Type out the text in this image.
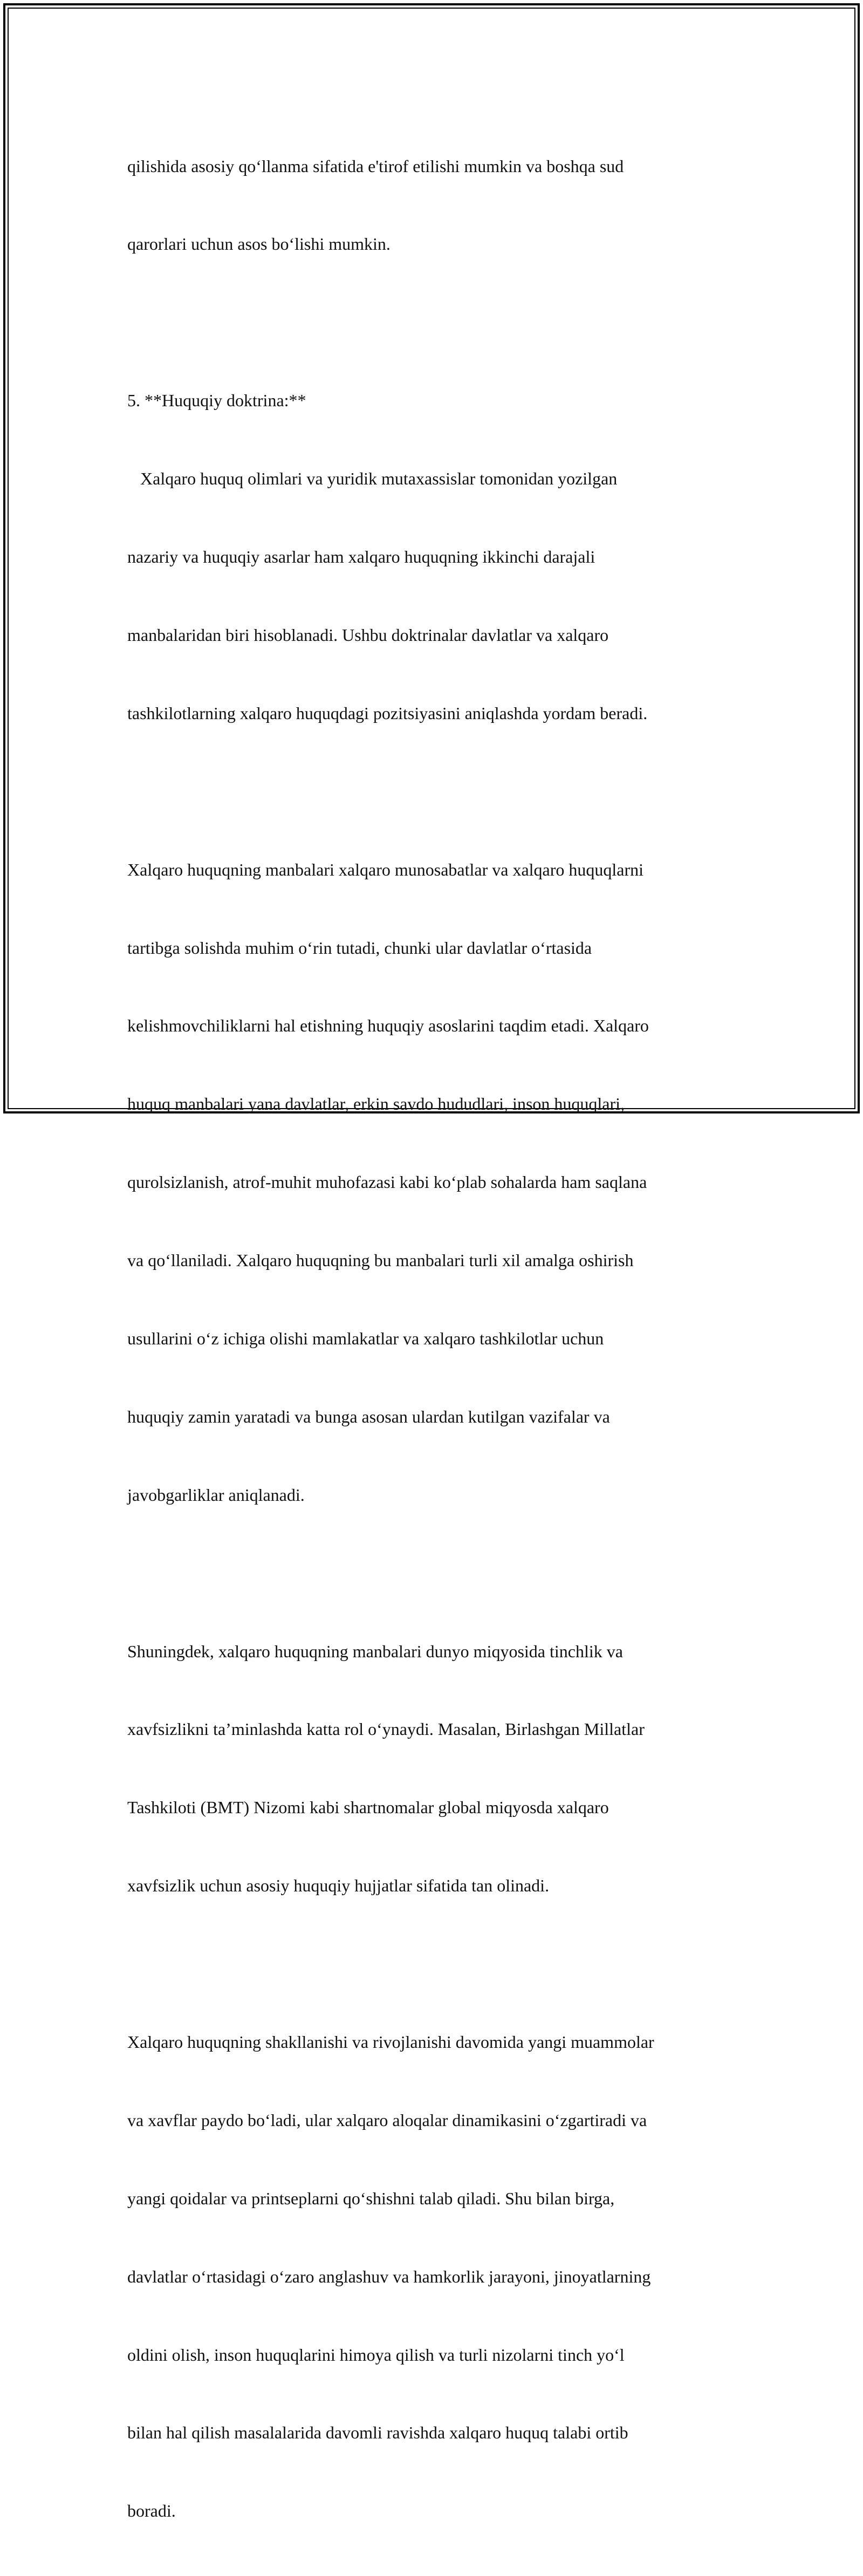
qilishida asosiy qo‘llanma sifatida e'tirof etilishi mumkin va boshqa sud

qarorlari uchun asos bo‘lishi mumkin.

5. **Huquqiy doktrina:**

Xalqaro huquq olimlari va yuridik mutaxassislar tomonidan yozilgan

nazariy va huquqiy asarlar ham xalqaro huquqning ikkinchi darajali

manbalaridan biri hisoblanadi. Ushbu doktrinalar davlatlar va xalqaro

tashkilotlarning xalqaro huquqdagi pozitsiyasini aniqlashda yordam beradi.

Xalqaro huquqning manbalari xalqaro munosabatlar va xalqaro huquqlarni

tartibga solishda muhim o‘rin tutadi, chunki ular davlatlar o‘rtasida

kelishmovchiliklarni hal etishning huquqiy asoslarini taqdim etadi. Xalqaro

huquq manbalari yana davlatlar, erkin savdo hududlari, inson huquqlari,

qurolsizlanish, atrof-muhit muhofazasi kabi ko‘plab sohalarda ham saqlana

va qo‘llaniladi. Xalqaro huquqning bu manbalari turli xil amalga oshirish

usullarini o‘z ichiga olishi mamlakatlar va xalqaro tashkilotlar uchun

huquqiy zamin yaratadi va bunga asosan ulardan kutilgan vazifalar va

javobgarliklar aniqlanadi.

Shuningdek, xalqaro huquqning manbalari dunyo miqyosida tinchlik va

xavfsizlikni ta’minlashda katta rol o‘ynaydi. Masalan, Birlashgan Millatlar

Tashkiloti (BMT) Nizomi kabi shartnomalar global miqyosda xalqaro

xavfsizlik uchun asosiy huquqiy hujjatlar sifatida tan olinadi.

Xalqaro huquqning shakllanishi va rivojlanishi davomida yangi muammolar

va xavflar paydo bo‘ladi, ular xalqaro aloqalar dinamikasini o‘zgartiradi va

yangi qoidalar va printseplarni qo‘shishni talab qiladi. Shu bilan birga,

davlatlar o‘rtasidagi o‘zaro anglashuv va hamkorlik jarayoni, jinoyatlarning

oldini olish, inson huquqlarini himoya qilish va turli nizolarni tinch yo‘l

bilan hal qilish masalalarida davomli ravishda xalqaro huquq talabi ortib

boradi.
